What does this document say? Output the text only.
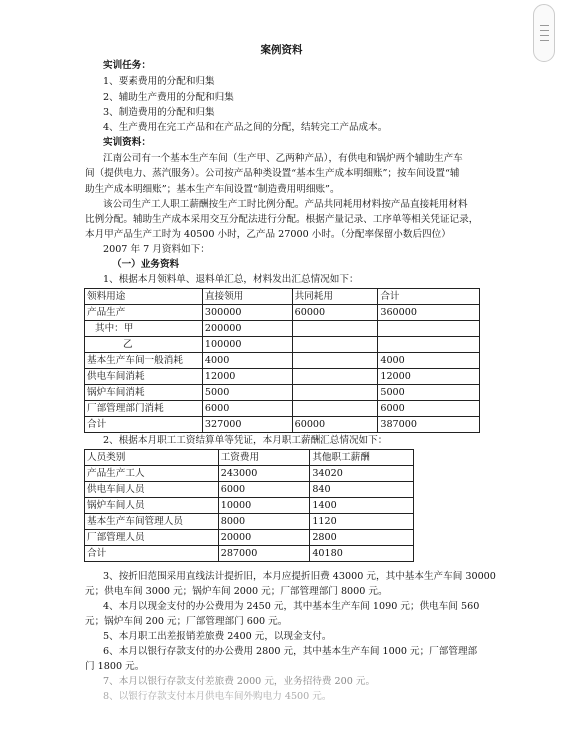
案例资料
实训任务：
1、要素费用的分配和归集
2、辅助生产费用的分配和归集
3、制造费用的分配和归集
4、生产费用在完工产品和在产品之间的分配，结转完工产品成本。
实训资料：
江南公司有一个基本生产车间（生产甲、乙两种产品），有供电和锅炉两个辅助生产车
间（提供电力、蒸汽服务）。公司按产品种类设置“基本生产成本明细账”；按车间设置“辅
助生产成本明细账”；基本生产车间设置“制造费用明细账”。
该公司生产工人职工薪酬按生产工时比例分配。产品共同耗用材料按产品直接耗用材料
比例分配。辅助生产成本采用交互分配法进行分配。根据产量记录、工序单等相关凭证记录，
本月甲产品生产工时为 40500 小时，乙产品 27000 小时。（分配率保留小数后四位）
2007 年 7 月资料如下：
（一）业务资料
1、根据本月领料单、退料单汇总，材料发出汇总情况如下：
领料用途	直接领用	共同耗用	合计
产品生产	300000	60000	360000
其中：甲	200000		
乙	100000		
基本生产车间一般消耗	4000		4000
供电车间消耗	12000		12000
锅炉车间消耗	5000		5000
厂部管理部门消耗	6000		6000
合计	327000	60000	387000
2、根据本月职工工资结算单等凭证，本月职工薪酬汇总情况如下：
人员类别	工资费用	其他职工薪酬
产品生产工人	243000	34020
供电车间人员	6000	840
锅炉车间人员	10000	1400
基本生产车间管理人员	8000	1120
厂部管理人员	20000	2800
合计	287000	40180
3、按折旧范围采用直线法计提折旧，本月应提折旧费 43000 元，其中基本生产车间 30000
元；供电车间 3000 元；锅炉车间 2000 元；厂部管理部门 8000 元。
4、本月以现金支付的办公费用为 2450 元，其中基本生产车间 1090 元；供电车间 560
元；锅炉车间 200 元；厂部管理部门 600 元。
5、本月职工出差报销差旅费 2400 元，以现金支付。
6、本月以银行存款支付的办公费用 2800 元，其中基本生产车间 1000 元；厂部管理部
门 1800 元。
7、本月以银行存款支付差旅费 2000 元，业务招待费 200 元。
8、以银行存款支付本月供电车间外购电力 4500 元。
